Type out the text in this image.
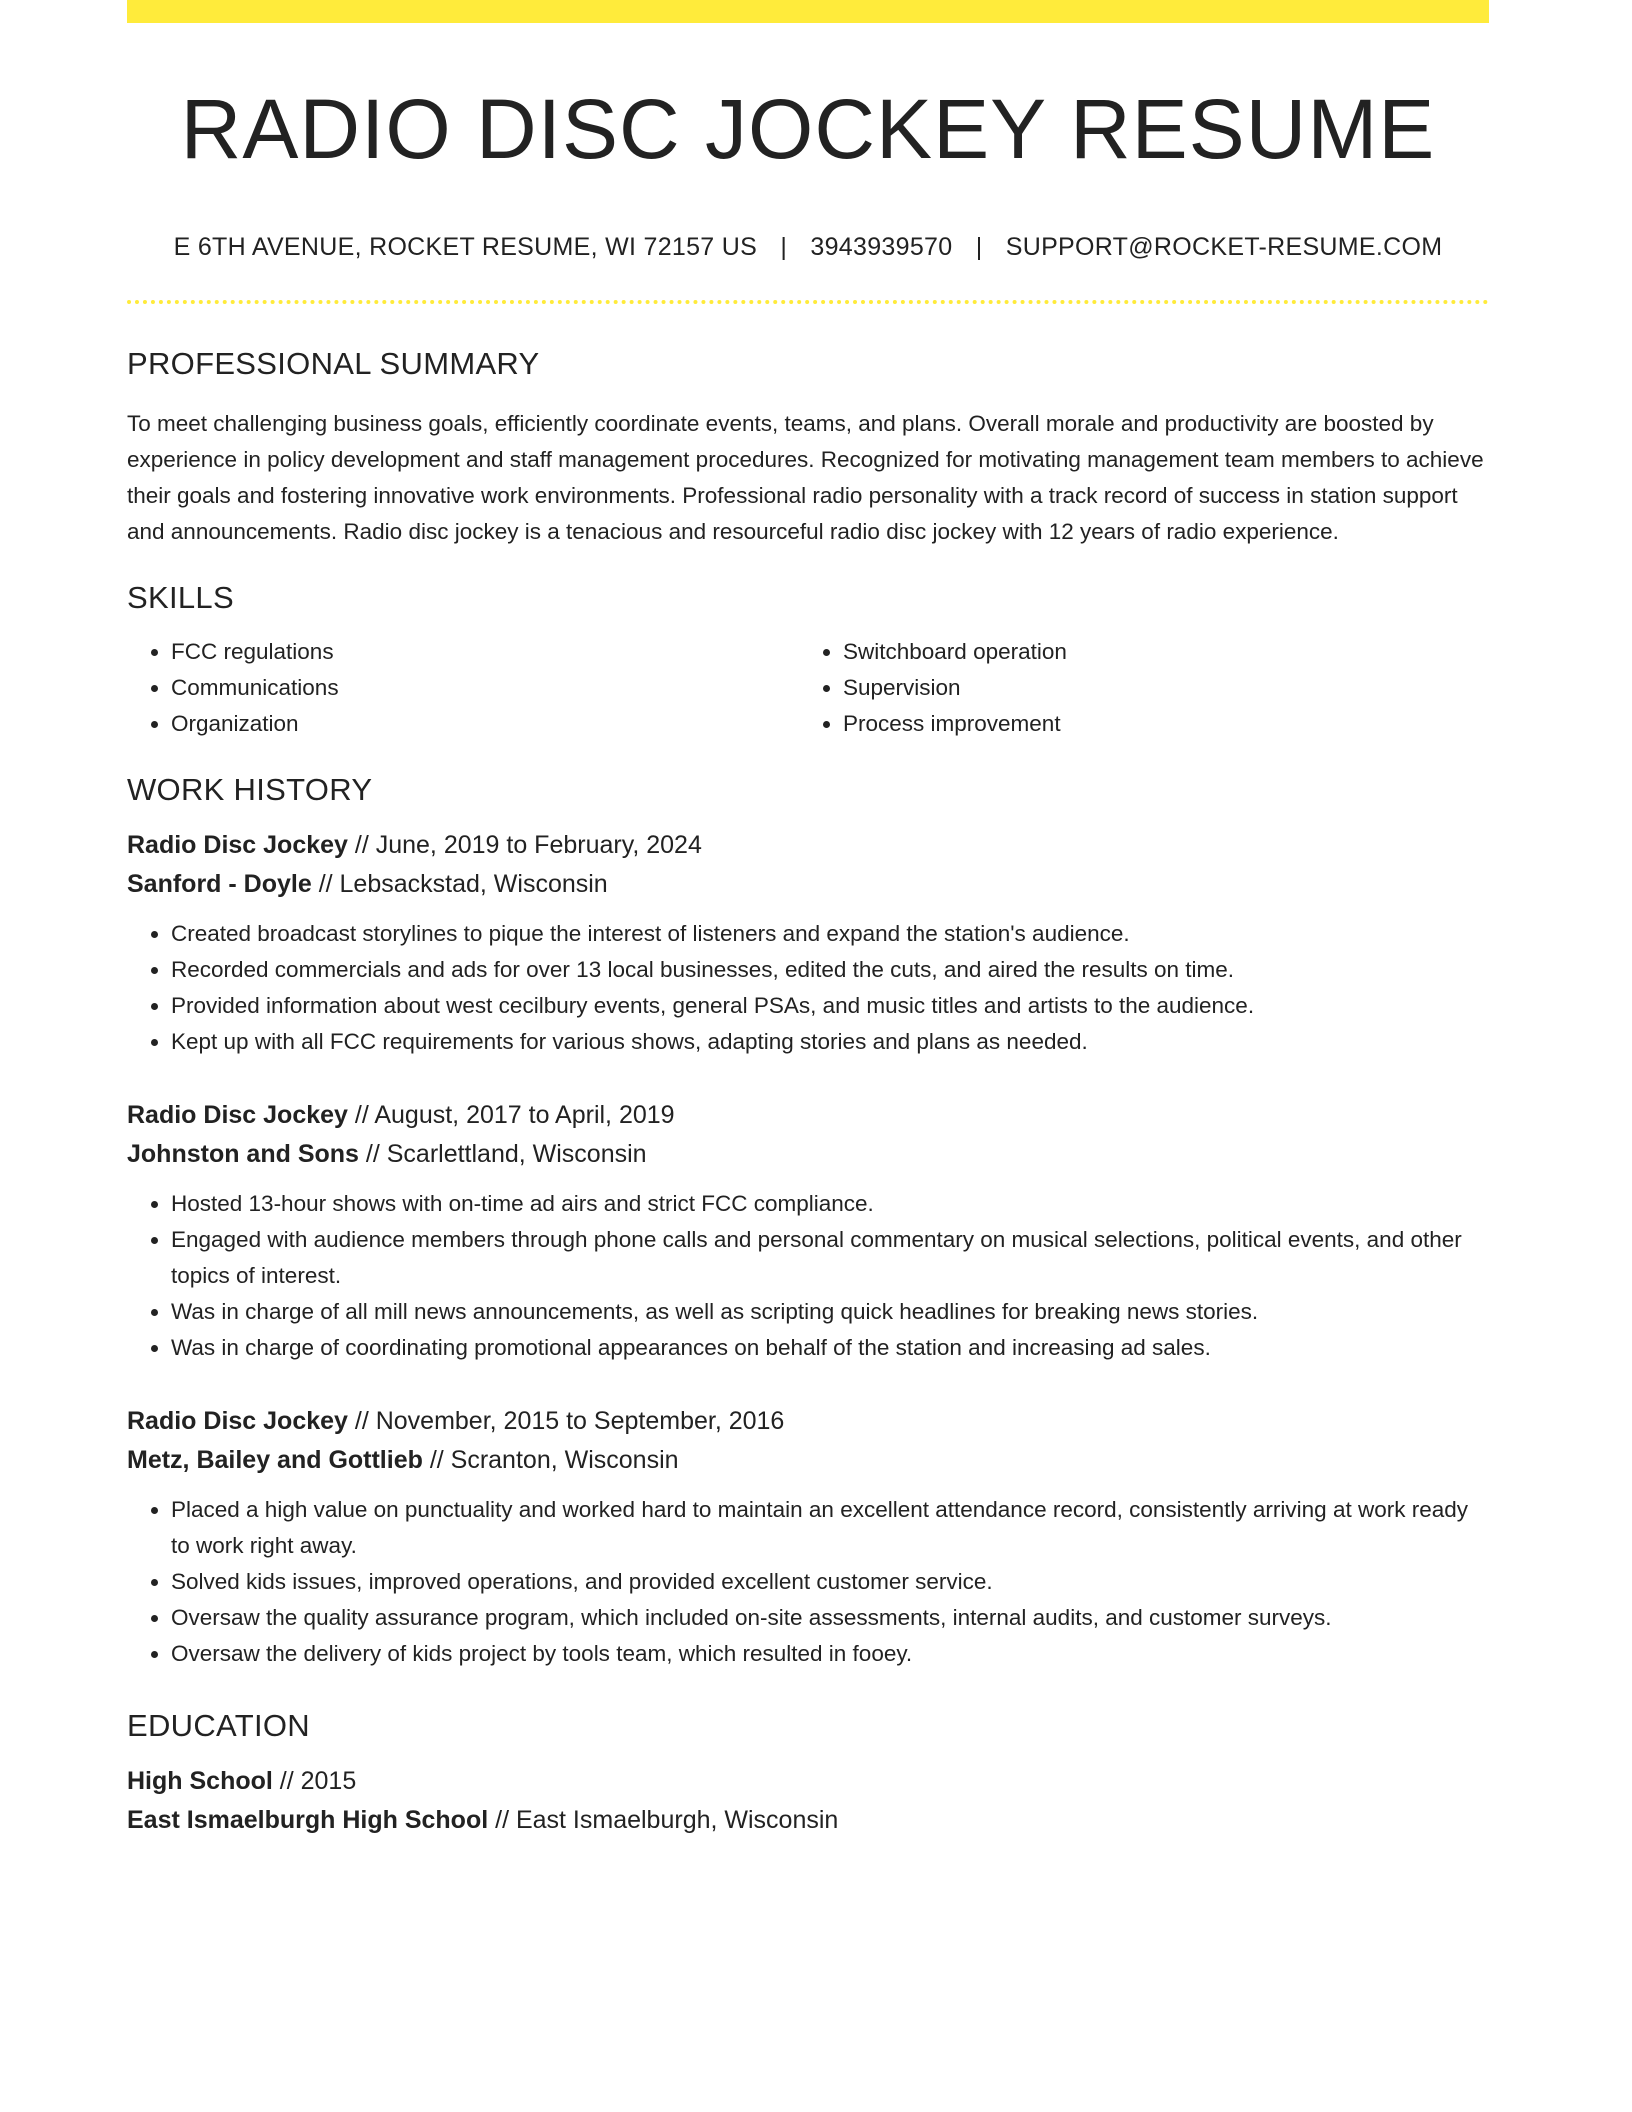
RADIO DISC JOCKEY RESUME
E 6TH AVENUE, ROCKET RESUME, WI 72157 US | 3943939570 | SUPPORT@ROCKET-RESUME.COM
PROFESSIONAL SUMMARY
To meet challenging business goals, efficiently coordinate events, teams, and plans. Overall morale and productivity are boosted by experience in policy development and staff management procedures. Recognized for motivating management team members to achieve their goals and fostering innovative work environments. Professional radio personality with a track record of success in station support and announcements. Radio disc jockey is a tenacious and resourceful radio disc jockey with 12 years of radio experience.
SKILLS
• FCC regulations
• Communications
• Organization
• Switchboard operation
• Supervision
• Process improvement
WORK HISTORY
Radio Disc Jockey // June, 2019 to February, 2024
Sanford - Doyle // Lebsackstad, Wisconsin
• Created broadcast storylines to pique the interest of listeners and expand the station's audience.
• Recorded commercials and ads for over 13 local businesses, edited the cuts, and aired the results on time.
• Provided information about west cecilbury events, general PSAs, and music titles and artists to the audience.
• Kept up with all FCC requirements for various shows, adapting stories and plans as needed.
Radio Disc Jockey // August, 2017 to April, 2019
Johnston and Sons // Scarlettland, Wisconsin
• Hosted 13-hour shows with on-time ad airs and strict FCC compliance.
• Engaged with audience members through phone calls and personal commentary on musical selections, political events, and other topics of interest.
• Was in charge of all mill news announcements, as well as scripting quick headlines for breaking news stories.
• Was in charge of coordinating promotional appearances on behalf of the station and increasing ad sales.
Radio Disc Jockey // November, 2015 to September, 2016
Metz, Bailey and Gottlieb // Scranton, Wisconsin
• Placed a high value on punctuality and worked hard to maintain an excellent attendance record, consistently arriving at work ready to work right away.
• Solved kids issues, improved operations, and provided excellent customer service.
• Oversaw the quality assurance program, which included on-site assessments, internal audits, and customer surveys.
• Oversaw the delivery of kids project by tools team, which resulted in fooey.
EDUCATION
High School // 2015
East Ismaelburgh High School // East Ismaelburgh, Wisconsin
